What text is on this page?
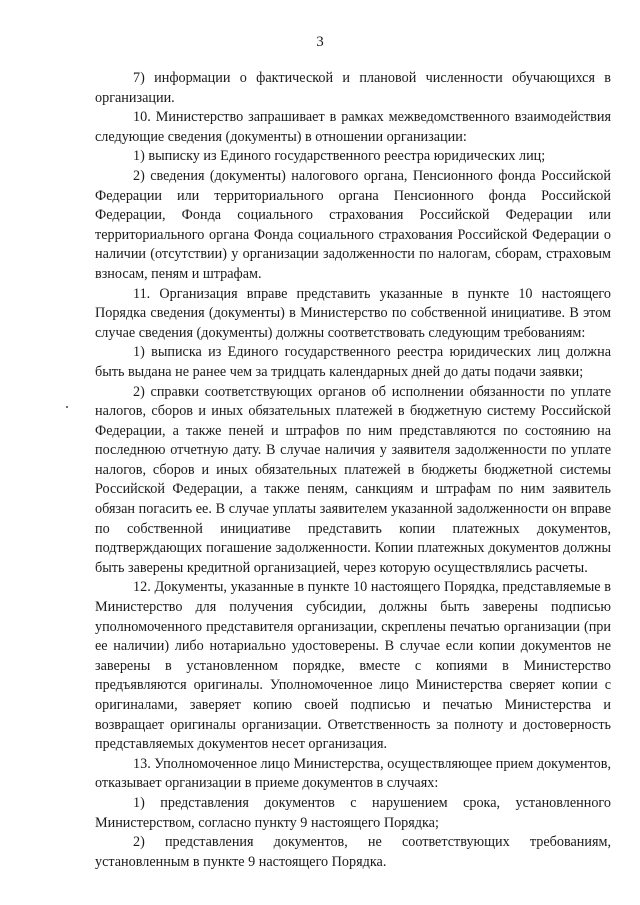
3

7) информации о фактической и плановой численности обучающихся в организации.

10. Министерство запрашивает в рамках межведомственного взаимодействия следующие сведения (документы) в отношении организации:

1) выписку из Единого государственного реестра юридических лиц;

2) сведения (документы) налогового органа, Пенсионного фонда Российской Федерации или территориального органа Пенсионного фонда Российской Федерации, Фонда социального страхования Российской Федерации или территориального органа Фонда социального страхования Российской Федерации о наличии (отсутствии) у организации задолженности по налогам, сборам, страховым взносам, пеням и штрафам.

11. Организация вправе представить указанные в пункте 10 настоящего Порядка сведения (документы) в Министерство по собственной инициативе. В этом случае сведения (документы) должны соответствовать следующим требованиям:

1) выписка из Единого государственного реестра юридических лиц должна быть выдана не ранее чем за тридцать календарных дней до даты подачи заявки;

2) справки соответствующих органов об исполнении обязанности по уплате налогов, сборов и иных обязательных платежей в бюджетную систему Российской Федерации, а также пеней и штрафов по ним представляются по состоянию на последнюю отчетную дату. В случае наличия у заявителя задолженности по уплате налогов, сборов и иных обязательных платежей в бюджеты бюджетной системы Российской Федерации, а также пеням, санкциям и штрафам по ним заявитель обязан погасить ее. В случае уплаты заявителем указанной задолженности он вправе по собственной инициативе представить копии платежных документов, подтверждающих погашение задолженности. Копии платежных документов должны быть заверены кредитной организацией, через которую осуществлялись расчеты.

12. Документы, указанные в пункте 10 настоящего Порядка, представляемые в Министерство для получения субсидии, должны быть заверены подписью уполномоченного представителя организации, скреплены печатью организации (при ее наличии) либо нотариально удостоверены. В случае если копии документов не заверены в установленном порядке, вместе с копиями в Министерство предъявляются оригиналы. Уполномоченное лицо Министерства сверяет копии с оригиналами, заверяет копию своей подписью и печатью Министерства и возвращает оригиналы организации. Ответственность за полноту и достоверность представляемых документов несет организация.

13. Уполномоченное лицо Министерства, осуществляющее прием документов, отказывает организации в приеме документов в случаях:

1) представления документов с нарушением срока, установленного Министерством, согласно пункту 9 настоящего Порядка;

2) представления документов, не соответствующих требованиям, установленным в пункте 9 настоящего Порядка.
